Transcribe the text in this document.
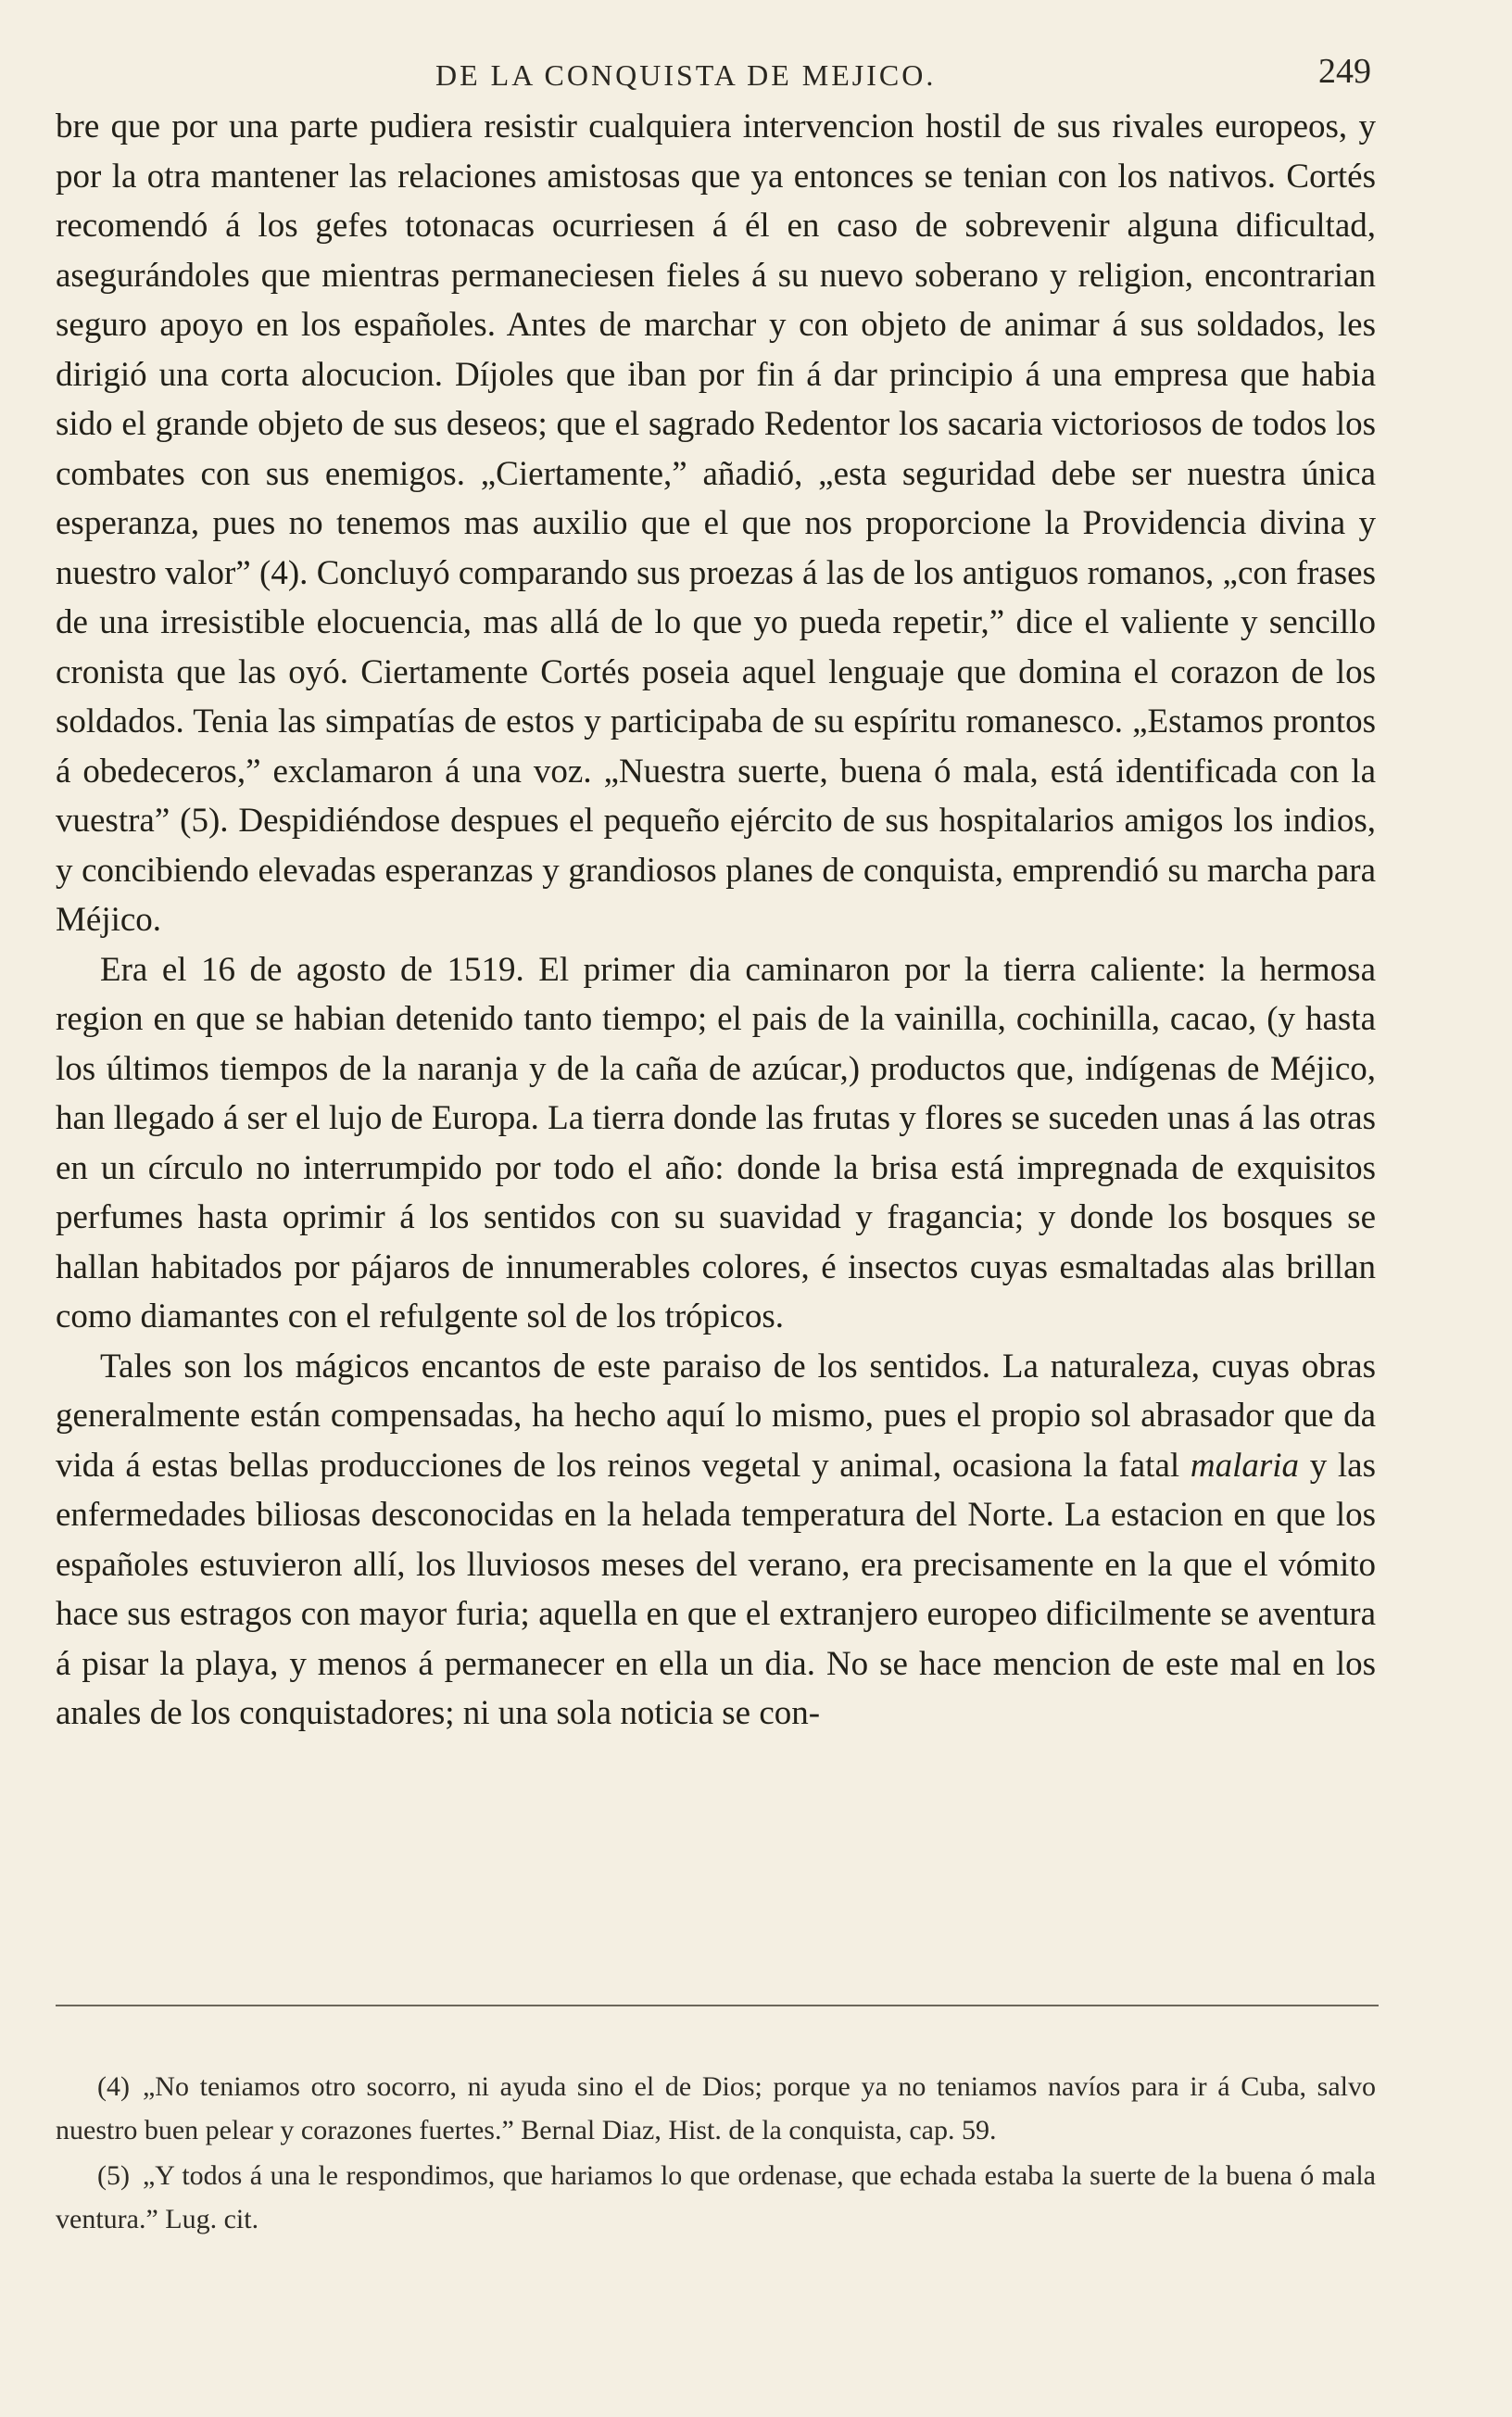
DE LA CONQUISTA DE MEJICO.	249

bre que por una parte pudiera resistir cualquiera intervencion hostil de sus rivales europeos, y por la otra mantener las relaciones amistosas que ya entonces se tenian con los nativos. Cortés recomendó á los gefes totonacas ocurriesen á él en caso de sobrevenir alguna dificultad, asegurándoles que mientras permaneciesen fieles á su nuevo soberano y religion, encontrarian seguro apoyo en los españoles. Antes de marchar y con objeto de animar á sus soldados, les dirigió una corta alocucion. Díjoles que iban por fin á dar principio á una empresa que habia sido el grande objeto de sus deseos; que el sagrado Redentor los sacaria victoriosos de todos los combates con sus enemigos. „Ciertamente,” añadió, „esta seguridad debe ser nuestra única esperanza, pues no tenemos mas auxilio que el que nos proporcione la Providencia divina y nuestro valor” (4). Concluyó comparando sus proezas á las de los antiguos romanos, „con frases de una irresistible elocuencia, mas allá de lo que yo pueda repetir,” dice el valiente y sencillo cronista que las oyó. Ciertamente Cortés poseia aquel lenguaje que domina el corazon de los soldados. Tenia las simpatías de estos y participaba de su espíritu romanesco. „Estamos prontos á obedeceros,” exclamaron á una voz. „Nuestra suerte, buena ó mala, está identificada con la vuestra” (5). Despidiéndose despues el pequeño ejército de sus hospitalarios amigos los indios, y concibiendo elevadas esperanzas y grandiosos planes de conquista, emprendió su marcha para Méjico.

Era el 16 de agosto de 1519. El primer dia caminaron por la tierra caliente: la hermosa region en que se habian detenido tanto tiempo; el pais de la vainilla, cochinilla, cacao, (y hasta los últimos tiempos de la naranja y de la caña de azúcar,) productos que, indígenas de Méjico, han llegado á ser el lujo de Europa. La tierra donde las frutas y flores se suceden unas á las otras en un círculo no interrumpido por todo el año: donde la brisa está impregnada de exquisitos perfumes hasta oprimir á los sentidos con su suavidad y fragancia; y donde los bosques se hallan habitados por pájaros de innumerables colores, é insectos cuyas esmaltadas alas brillan como diamantes con el refulgente sol de los trópicos.

Tales son los mágicos encantos de este paraiso de los sentidos. La naturaleza, cuyas obras generalmente están compensadas, ha hecho aquí lo mismo, pues el propio sol abrasador que da vida á estas bellas producciones de los reinos vegetal y animal, ocasiona la fatal malaria y las enfermedades biliosas desconocidas en la helada temperatura del Norte. La estacion en que los españoles estuvieron allí, los lluviosos meses del verano, era precisamente en la que el vómito hace sus estragos con mayor furia; aquella en que el extranjero europeo dificilmente se aventura á pisar la playa, y menos á permanecer en ella un dia. No se hace mencion de este mal en los anales de los conquistadores; ni una sola noticia se con-

(4) „No teniamos otro socorro, ni ayuda sino el de Dios; porque ya no teniamos navíos para ir á Cuba, salvo nuestro buen pelear y corazones fuertes.” Bernal Diaz, Hist. de la conquista, cap. 59.

(5) „Y todos á una le respondimos, que hariamos lo que ordenase, que echada estaba la suerte de la buena ó mala ventura.” Lug. cit.
